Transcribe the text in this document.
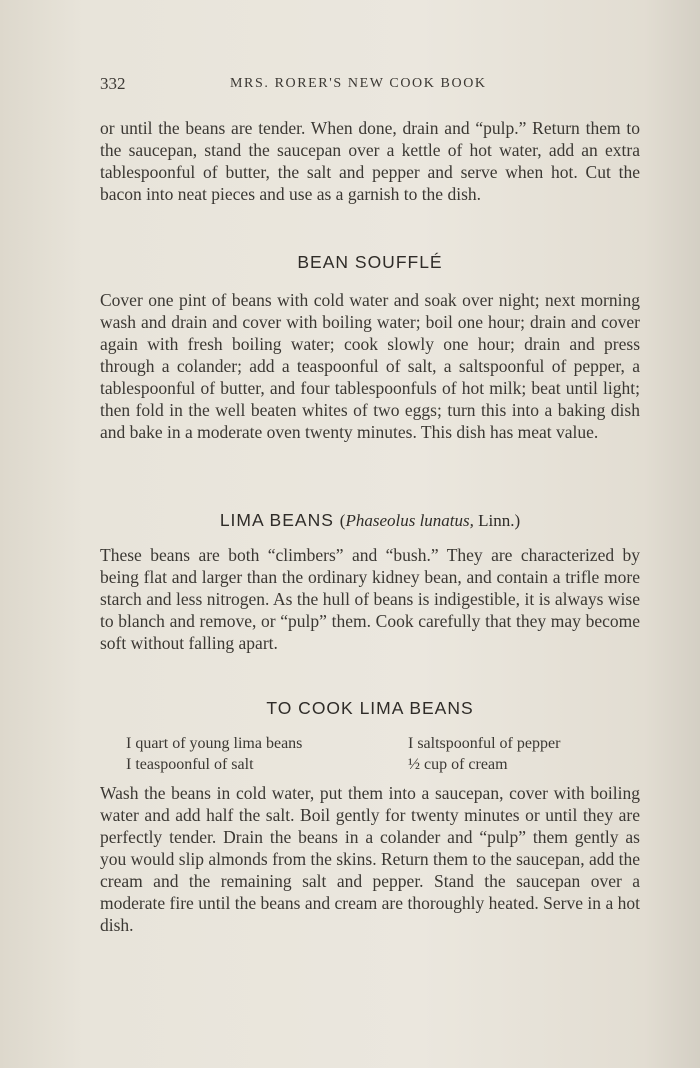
332	MRS. RORER'S NEW COOK BOOK

or until the beans are tender. When done, drain and “pulp.” Return them to the saucepan, stand the saucepan over a kettle of hot water, add an extra tablespoonful of butter, the salt and pepper and serve when hot. Cut the bacon into neat pieces and use as a garnish to the dish.

BEAN SOUFFLÉ

Cover one pint of beans with cold water and soak over night; next morning wash and drain and cover with boiling water; boil one hour; drain and cover again with fresh boiling water; cook slowly one hour; drain and press through a colander; add a teaspoonful of salt, a saltspoonful of pepper, a tablespoonful of butter, and four tablespoonfuls of hot milk; beat until light; then fold in the well beaten whites of two eggs; turn this into a baking dish and bake in a moderate oven twenty minutes. This dish has meat value.

LIMA BEANS (Phaseolus lunatus, Linn.)

These beans are both “climbers” and “bush.” They are characterized by being flat and larger than the ordinary kidney bean, and contain a trifle more starch and less nitrogen. As the hull of beans is indigestible, it is always wise to blanch and remove, or “pulp” them. Cook carefully that they may become soft without falling apart.

TO COOK LIMA BEANS
I quart of young lima beans	I saltspoonful of pepper
I teaspoonful of salt	½ cup of cream

Wash the beans in cold water, put them into a saucepan, cover with boiling water and add half the salt. Boil gently for twenty minutes or until they are perfectly tender. Drain the beans in a colander and “pulp” them gently as you would slip almonds from the skins. Return them to the saucepan, add the cream and the remaining salt and pepper. Stand the saucepan over a moderate fire until the beans and cream are thoroughly heated. Serve in a hot dish.
